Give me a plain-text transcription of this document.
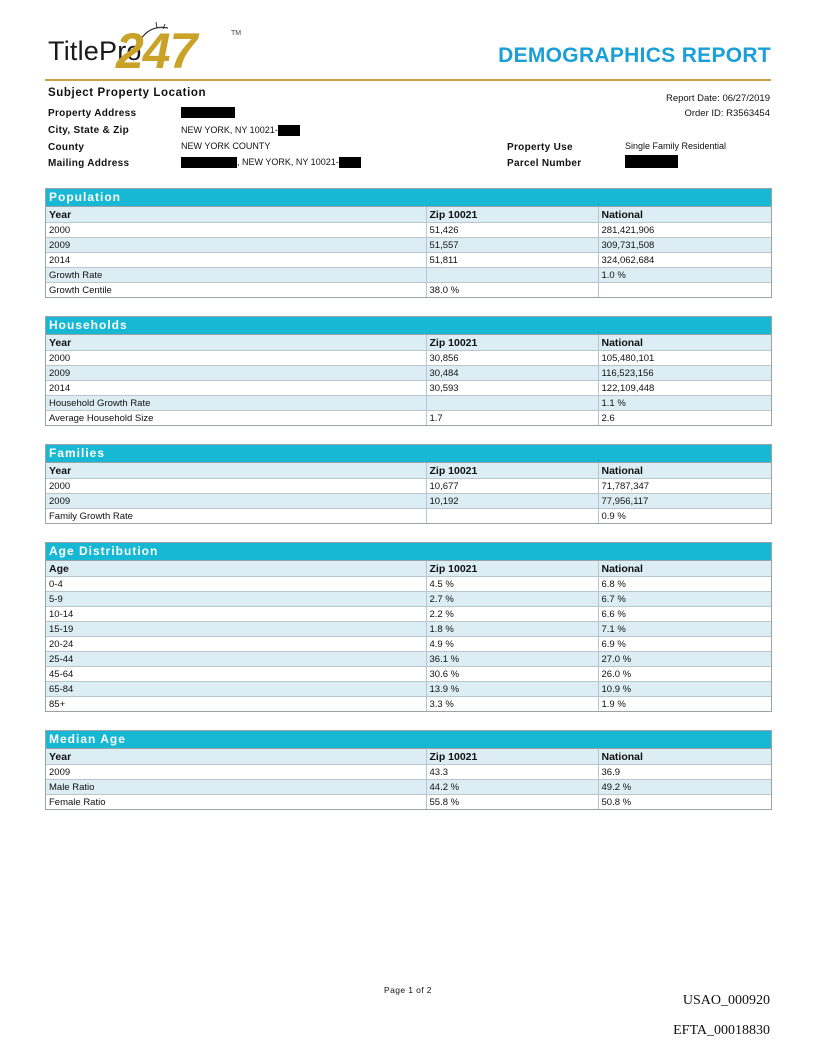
TitlePro
247	TM
DEMOGRAPHICS REPORT
Subject Property Location	Report Date: 06/27/2019
Order ID: R3563454
Property Address
City, State & Zip	NEW YORK, NY 10021-
County	NEW YORK COUNTY
Mailing Address	, NEW YORK, NY 10021-
Property Use	Single Family Residential
Parcel Number
Population
Year	Zip 10021	National
2000	51,426	281,421,906
2009	51,557	309,731,508
2014	51,811	324,062,684
Growth Rate		1.0 %
Growth Centile	38.0 %	
Households
Year	Zip 10021	National
2000	30,856	105,480,101
2009	30,484	116,523,156
2014	30,593	122,109,448
Household Growth Rate		1.1 %
Average Household Size	1.7	2.6
Families
Year	Zip 10021	National
2000	10,677	71,787,347
2009	10,192	77,956,117
Family Growth Rate		0.9 %
Age Distribution
Age	Zip 10021	National
0-4	4.5 %	6.8 %
5-9	2.7 %	6.7 %
10-14	2.2 %	6.6 %
15-19	1.8 %	7.1 %
20-24	4.9 %	6.9 %
25-44	36.1 %	27.0 %
45-64	30.6 %	26.0 %
65-84	13.9 %	10.9 %
85+	3.3 %	1.9 %
Median Age
Year	Zip 10021	National
2009	43.3	36.9
Male Ratio	44.2 %	49.2 %
Female Ratio	55.8 %	50.8 %
Page 1 of 2
USAO_000920
EFTA_00018830
